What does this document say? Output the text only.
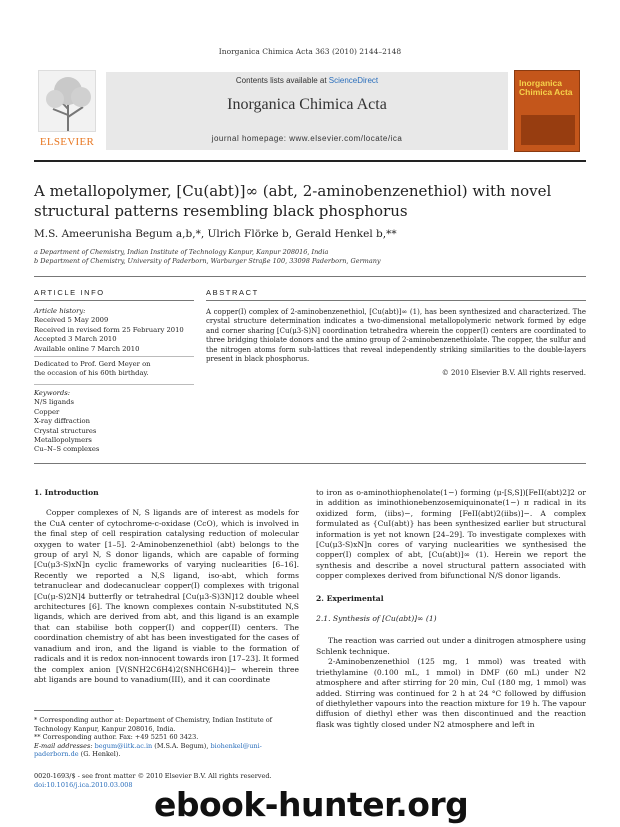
Inorganica Chimica Acta 363 (2010) 2144–2148
ELSEVIER
Contents lists available at ScienceDirect
Inorganica Chimica Acta
journal homepage: www.elsevier.com/locate/ica
Inorganica
Chimica Acta
A metallopolymer, [Cu(abt)]∞ (abt, 2-aminobenzenethiol) with novel structural patterns resembling black phosphorus
M.S. Ameerunisha Begum a,b,*, Ulrich Flörke b, Gerald Henkel b,**
a Department of Chemistry, Indian Institute of Technology Kanpur, Kanpur 208016, India
b Department of Chemistry, University of Paderborn, Warburger Straße 100, 33098 Paderborn, Germany
ARTICLE INFO
Article history:
Received 5 May 2009
Received in revised form 25 February 2010
Accepted 3 March 2010
Available online 7 March 2010
Dedicated to Prof. Gerd Meyer on the occasion of his 60th birthday.
Keywords:
N/S ligands
Copper
X-ray diffraction
Crystal structures
Metallopolymers
Cu–N–S complexes
ABSTRACT
A copper(I) complex of 2-aminobenzenethiol, [Cu(abt)]∞ (1), has been synthesized and characterized. The crystal structure determination indicates a two-dimensional metallopolymeric network formed by edge and corner sharing [Cu(μ3-S)N] coordination tetrahedra wherein the copper(I) centers are coordinated to three bridging thiolate donors and the amino group of 2-aminobenzenethiolate. The copper, the sulfur and the nitrogen atoms form sub-lattices that reveal independently striking similarities to the double-layers present in black phosphorus.
© 2010 Elsevier B.V. All rights reserved.
1. Introduction

Copper complexes of N, S ligands are of interest as models for the CuA center of cytochrome-c-oxidase (CcO), which is involved in the final step of cell respiration catalysing reduction of molecular oxygen to water [1–5]. 2-Aminobenzenethiol (abt) belongs to the group of aryl N, S donor ligands, which are capable of forming [Cu(μ3-S)xN]n cyclic frameworks of varying nuclearities [6–16]. Recently we reported a N,S ligand, iso-abt, which forms tetranuclear and dodecanuclear copper(I) complexes with trigonal [Cu(μ-S)2N]4 butterfly or tetrahedral [Cu(μ3-S)3N]12 double wheel architectures [6]. The known complexes contain N-substituted N,S ligands, which are derived from abt, and this ligand is an example that can stabilise both copper(I) and copper(II) centers. The coordination chemistry of abt has been investigated for the cases of vanadium and iron, and the ligand is viable to the formation of radicals and it is redox non-innocent towards iron [17–23]. It formed the complex anion [V(SNH2C6H4)2(SNHC6H4)]− wherein three abt ligands are bound to vanadium(III), and it can coordinate

to iron as o-aminothiophenolate(1−) forming (μ-[S,S])[FeII(abt)2]2 or in addition as iminothionebenzosemiquinonate(1−) π radical in its oxidized form, (iibs)−, forming [FeII(abt)2(iibs)]−. A complex formulated as {CuI(abt)} has been synthesized earlier but structural information is yet not known [24–29]. To investigate complexes with [Cu(μ3-S)xN]n cores of varying nuclearities we synthesised the copper(I) complex of abt, [Cu(abt)]∞ (1). Herein we report the synthesis and describe a novel structural pattern associated with copper complexes derived from bifunctional N/S donor ligands.
2. Experimental
2.1. Synthesis of [Cu(abt)]∞ (1)

The reaction was carried out under a dinitrogen atmosphere using Schlenk technique.

2-Aminobenzenethiol (125 mg, 1 mmol) was treated with triethylamine (0.100 mL, 1 mmol) in DMF (60 mL) under N2 atmosphere and after stirring for 20 min, CuI (180 mg, 1 mmol) was added. Stirring was continued for 2 h at 24 °C followed by diffusion of diethylether vapours into the reaction mixture for 19 h. The vapour diffusion of diethyl ether was then discontinued and the reaction flask was tightly closed under N2 atmosphere and left in

* Corresponding author at: Department of Chemistry, Indian Institute of Technology Kanpur, Kanpur 208016, India.
** Corresponding author. Fax: +49 5251 60 3423.
E-mail addresses: begum@iitk.ac.in (M.S.A. Begum), biohenkel@uni-paderborn.de (G. Henkel).
0020-1693/$ - see front matter © 2010 Elsevier B.V. All rights reserved.
doi:10.1016/j.ica.2010.03.008
ebook-hunter.org
